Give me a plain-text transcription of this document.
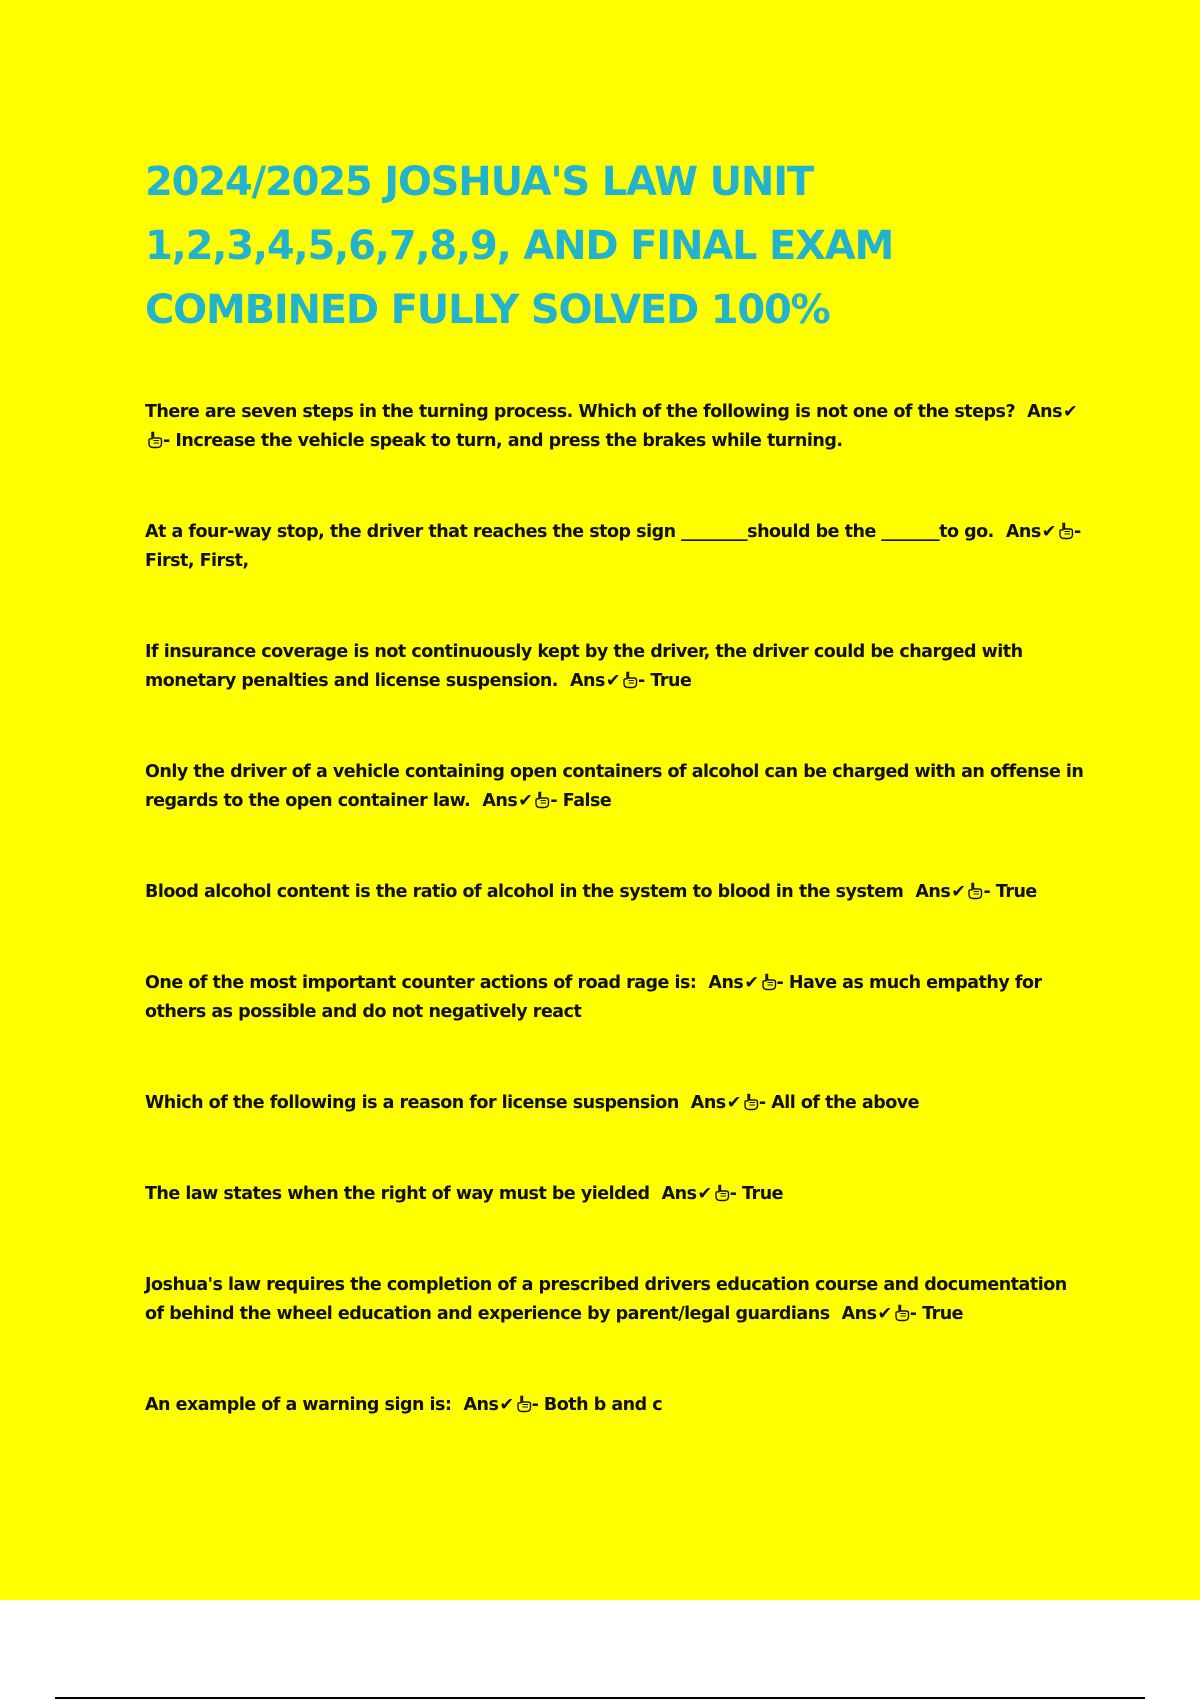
2024/2025 JOSHUA'S LAW UNIT 1,2,3,4,5,6,7,8,9, AND FINAL EXAM COMBINED FULLY SOLVED 100%
There are seven steps in the turning process. Which of the following is not one of the steps? Ans✔- Increase the vehicle speak to turn, and press the brakes while turning.
At a four-way stop, the driver that reaches the stop sign ________should be the _______to go. Ans✔ - First, First,
If insurance coverage is not continuously kept by the driver, the driver could be charged with monetary penalties and license suspension. Ans✔ - True
Only the driver of a vehicle containing open containers of alcohol can be charged with an offense in regards to the open container law. Ans✔ - False
Blood alcohol content is the ratio of alcohol in the system to blood in the system Ans✔ - True
One of the most important counter actions of road rage is: Ans✔ - Have as much empathy for others as possible and do not negatively react
Which of the following is a reason for license suspension Ans✔ - All of the above
The law states when the right of way must be yielded Ans✔ - True
Joshua's law requires the completion of a prescribed drivers education course and documentation of behind the wheel education and experience by parent/legal guardians Ans✔ - True
An example of a warning sign is: Ans✔ - Both b and c
